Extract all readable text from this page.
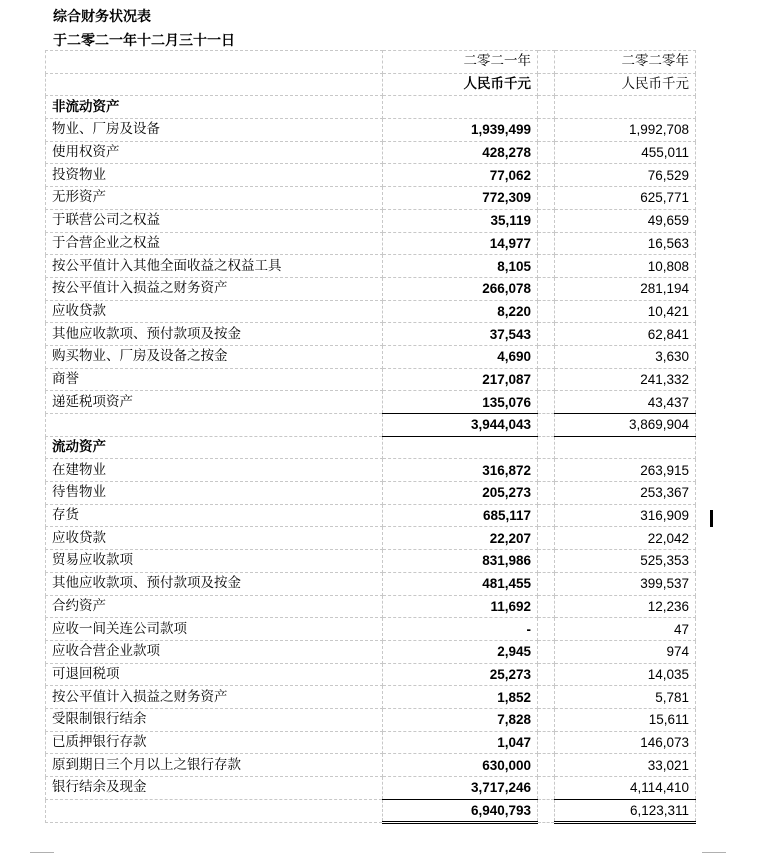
综合财务状况表
于二零二一年十二月三十一日
	二零二一年		二零二零年
	人民币千元		人民币千元
非流动资产			
物业、厂房及设备	1,939,499		1,992,708
使用权资产	428,278		455,011
投资物业	77,062		76,529
无形资产	772,309		625,771
于联营公司之权益	35,119		49,659
于合营企业之权益	14,977		16,563
按公平值计入其他全面收益之权益工具	8,105		10,808
按公平值计入损益之财务资产	266,078		281,194
应收贷款	8,220		10,421
其他应收款项、预付款项及按金	37,543		62,841
购买物业、厂房及设备之按金	4,690		3,630
商誉	217,087		241,332
递延税项资产	135,076		43,437
	3,944,043		3,869,904
流动资产			
在建物业	316,872		263,915
待售物业	205,273		253,367
存货	685,117		316,909
应收贷款	22,207		22,042
贸易应收款项	831,986		525,353
其他应收款项、预付款项及按金	481,455		399,537
合约资产	11,692		12,236
应收一间关连公司款项	-		47
应收合营企业款项	2,945		974
可退回税项	25,273		14,035
按公平值计入损益之财务资产	1,852		5,781
受限制银行结余	7,828		15,611
已质押银行存款	1,047		146,073
原到期日三个月以上之银行存款	630,000		33,021
银行结余及现金	3,717,246		4,114,410
	6,940,793		6,123,311
